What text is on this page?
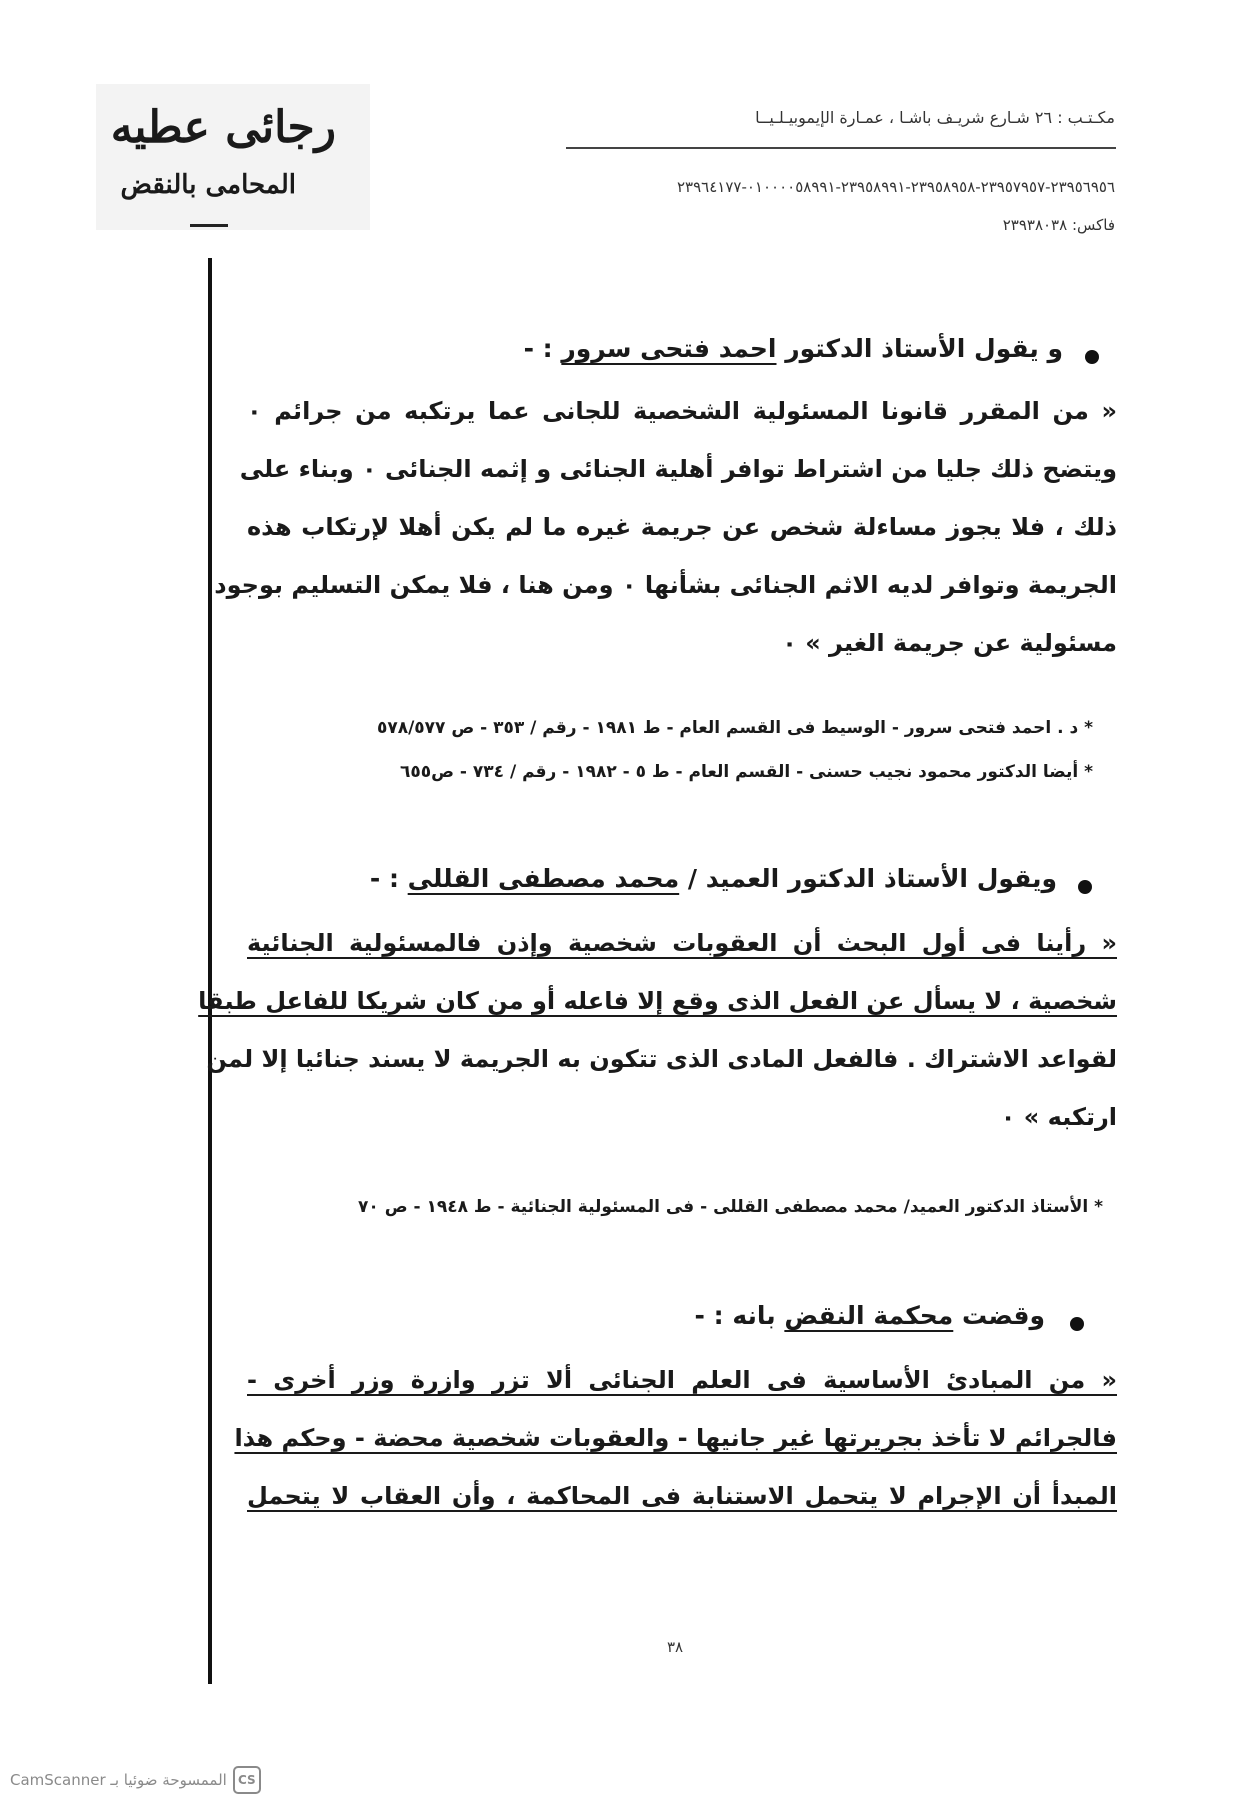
رجائى عطيه
المحامى بالنقض
مكـتـب : ٢٦ شـارع شريـف باشـا ، عمـارة الإيموبيـلـيــا
٢٣٩٥٦٩٥٦-٢٣٩٥٧٩٥٧-٢٣٩٥٨٩٥٨-٢٣٩٥٨٩٩١-٠١٠٠٠٠٥٨٩٩١-٢٣٩٦٤١٧٧
فاكس: ٢٣٩٣٨٠٣٨
و يقول الأستاذ الدكتور احمد فتحى سرور : -
« من المقرر قانونا المسئولية الشخصية للجانى عما يرتكبه من جرائم ٠
ويتضح ذلك جليا من اشتراط توافر أهلية الجنائى و إثمه الجنائى ٠ وبناء على
ذلك ، فلا يجوز مساءلة شخص عن جريمة غيره ما لم يكن أهلا لإرتكاب هذه
الجريمة وتوافر لديه الاثم الجنائى بشأنها ٠ ومن هنا ، فلا يمكن التسليم بوجود
مسئولية عن جريمة الغير » ٠
* د . احمد فتحى سرور - الوسيط فى القسم العام - ط ١٩٨١ - رقم / ٣٥٣ - ص ٥٧٨/٥٧٧
* أيضا الدكتور محمود نجيب حسنى - القسم العام - ط ٥ - ١٩٨٢ - رقم / ٧٣٤ - ص٦٥٥
ويقول الأستاذ الدكتور العميد / محمد مصطفى القللى : -
« رأينا فى أول البحث أن العقوبات شخصية وإذن فالمسئولية الجنائية
شخصية ، لا يسأل عن الفعل الذى وقع إلا فاعله أو من كان شريكا للفاعل طبقا
لقواعد الاشتراك . فالفعل المادى الذى تتكون به الجريمة لا يسند جنائيا إلا لمن
ارتكبه » ٠
* الأستاذ الدكتور العميد/ محمد مصطفى القللى - فى المسئولية الجنائية - ط ١٩٤٨ - ص ٧٠
وقضت محكمة النقض بانه : -
« من المبادئ الأساسية فى العلم الجنائى ألا تزر وازرة وزر أخرى -
فالجرائم لا تأخذ بجريرتها غير جانيها - والعقوبات شخصية محضة - وحكم هذا
المبدأ أن الإجرام لا يتحمل الاستنابة فى المحاكمة ، وأن العقاب لا يتحمل
٣٨
CS
الممسوحة ضوئيا بـ CamScanner
